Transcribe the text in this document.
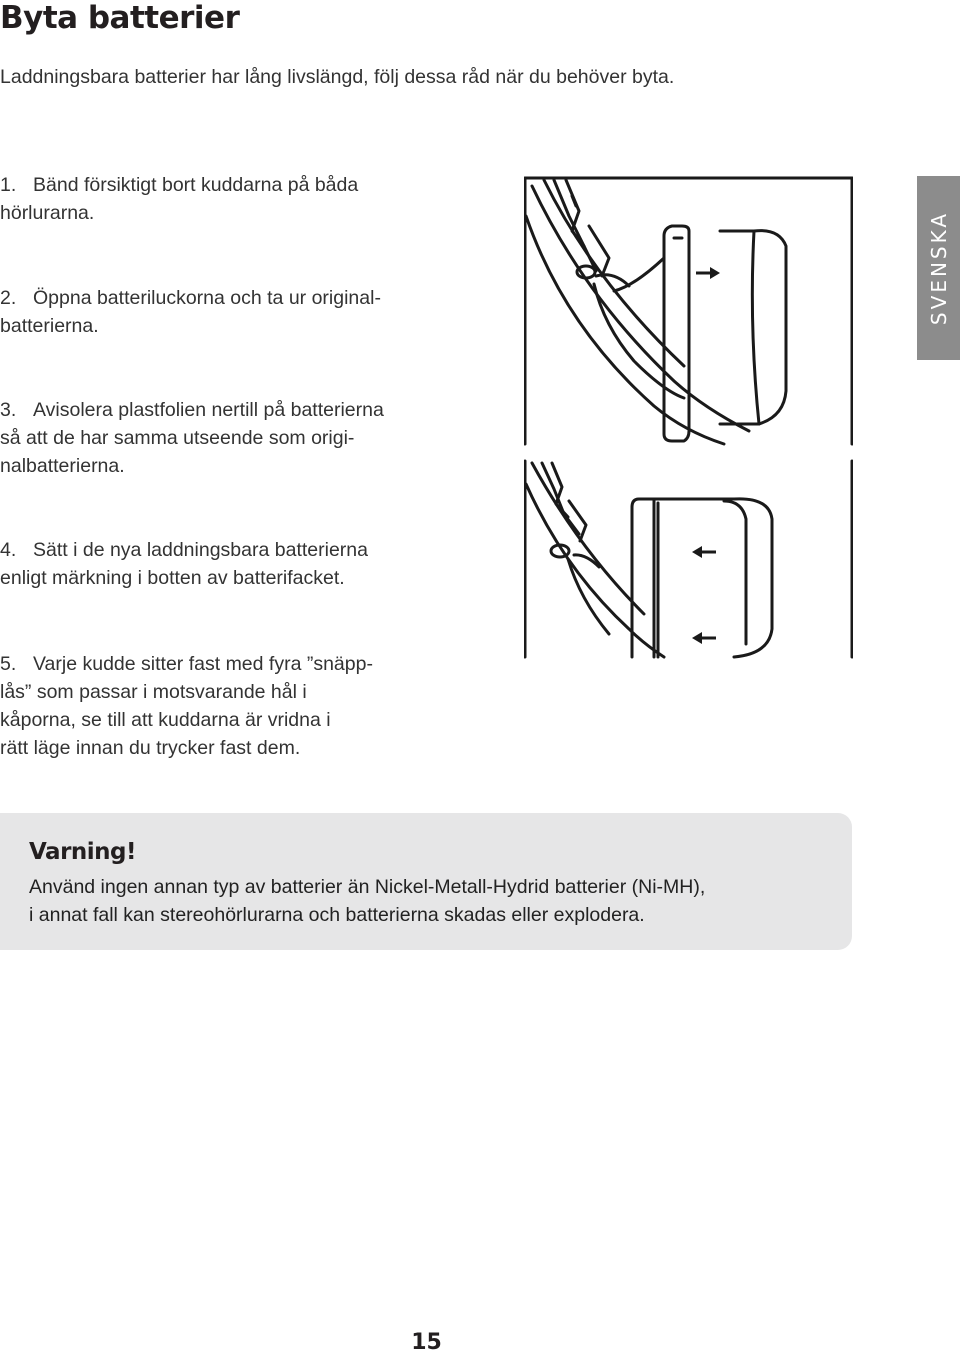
Byta batterier
Laddningsbara batterier har lång livslängd, följ dessa råd när du behöver byta.
1. Bänd försiktigt bort kuddarna på båda
hörlurarna.
2. Öppna batteriluckorna och ta ur original-
batterierna.
3. Avisolera plastfolien nertill på batterierna
så att de har samma utseende som origi-
nalbatterierna.
4. Sätt i de nya laddningsbara batterierna
enligt märkning i botten av batterifacket.
5. Varje kudde sitter fast med fyra ”snäpp-
lås” som passar i motsvarande hål i
kåporna, se till att kuddarna är vridna i
rätt läge innan du trycker fast dem.
SVENSKA
Varning!
Använd ingen annan typ av batterier än Nickel-Metall-Hydrid batterier (Ni-MH),
i annat fall kan stereohörlurarna och batterierna skadas eller explodera.
15
